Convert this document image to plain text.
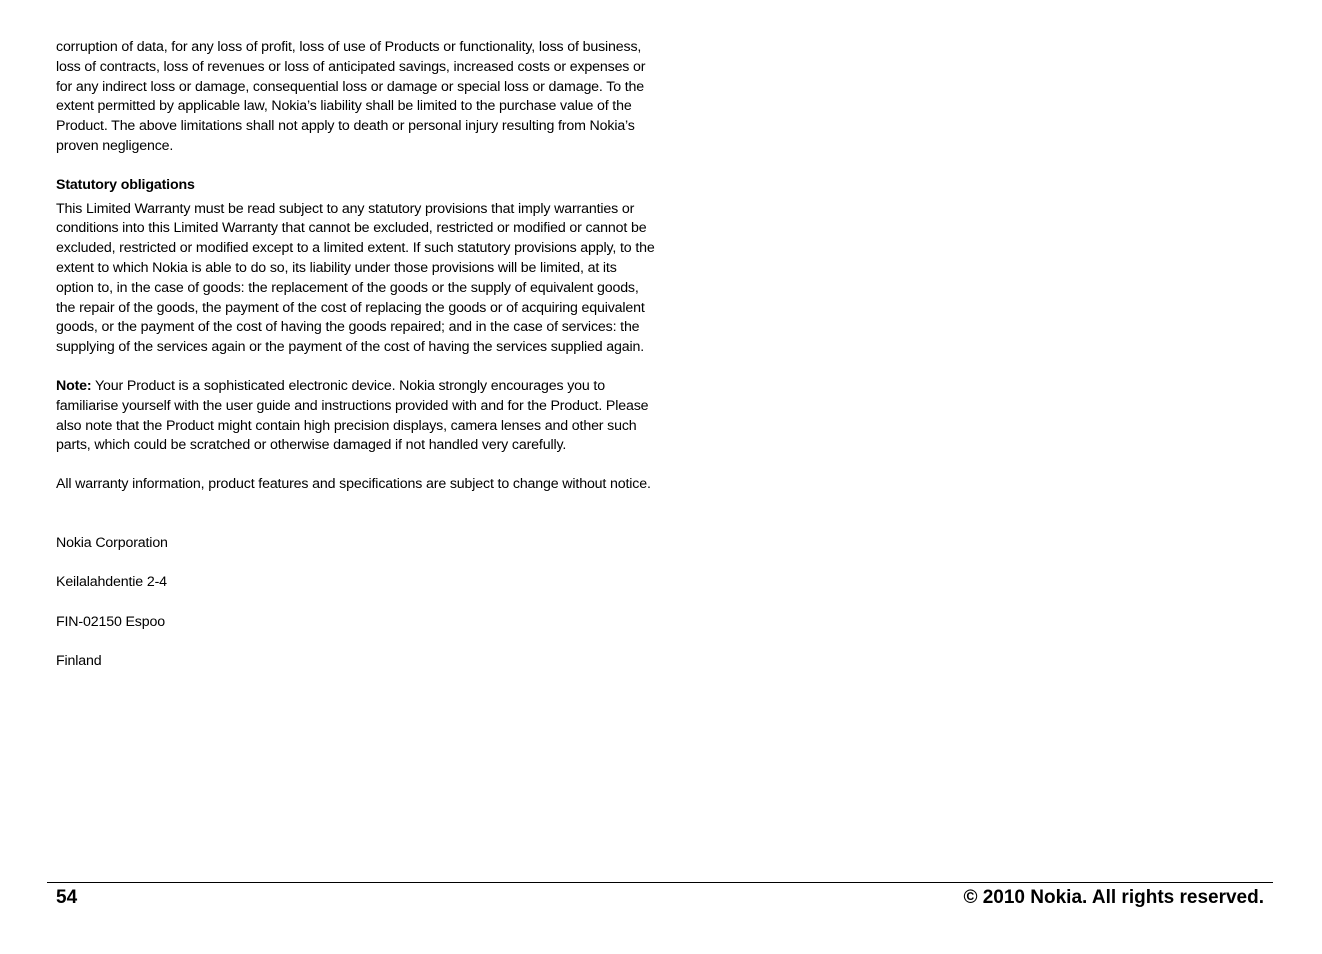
corruption of data, for any loss of profit, loss of use of Products or functionality, loss of business, loss of contracts, loss of revenues or loss of anticipated savings, increased costs or expenses or for any indirect loss or damage, consequential loss or damage or special loss or damage. To the extent permitted by applicable law, Nokia’s liability shall be limited to the purchase value of the Product. The above limitations shall not apply to death or personal injury resulting from Nokia’s proven negligence.

Statutory obligations

This Limited Warranty must be read subject to any statutory provisions that imply warranties or conditions into this Limited Warranty that cannot be excluded, restricted or modified or cannot be excluded, restricted or modified except to a limited extent. If such statutory provisions apply, to the extent to which Nokia is able to do so, its liability under those provisions will be limited, at its option to, in the case of goods: the replacement of the goods or the supply of equivalent goods, the repair of the goods, the payment of the cost of replacing the goods or of acquiring equivalent goods, or the payment of the cost of having the goods repaired; and in the case of services: the supplying of the services again or the payment of the cost of having the services supplied again.

Note: Your Product is a sophisticated electronic device. Nokia strongly encourages you to familiarise yourself with the user guide and instructions provided with and for the Product. Please also note that the Product might contain high precision displays, camera lenses and other such parts, which could be scratched or otherwise damaged if not handled very carefully.

All warranty information, product features and specifications are subject to change without notice.

Nokia Corporation

Keilalahdentie 2-4

FIN-02150 Espoo

Finland

54	© 2010 Nokia. All rights reserved.
